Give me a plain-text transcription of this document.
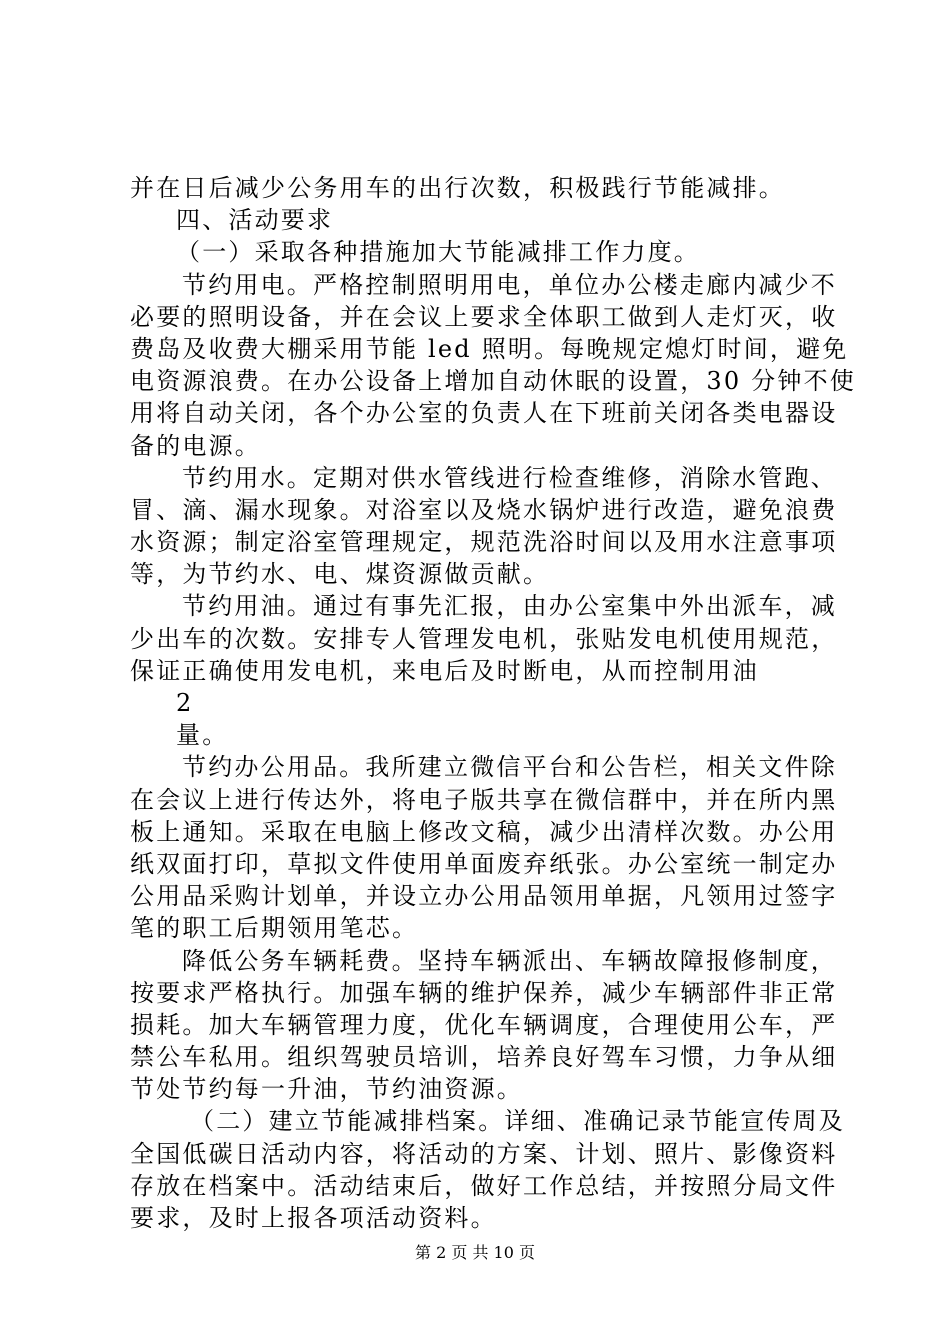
并在日后减少公务用车的出行次数，积极践行节能减排。
四、活动要求
（一）采取各种措施加大节能减排工作力度。
节约用电。严格控制照明用电，单位办公楼走廊内减少不
必要的照明设备，并在会议上要求全体职工做到人走灯灭，收
费岛及收费大棚采用节能 led 照明。每晚规定熄灯时间，避免
电资源浪费。在办公设备上增加自动休眠的设置，30 分钟不使
用将自动关闭，各个办公室的负责人在下班前关闭各类电器设
备的电源。
节约用水。定期对供水管线进行检查维修，消除水管跑、
冒、滴、漏水现象。对浴室以及烧水锅炉进行改造，避免浪费
水资源；制定浴室管理规定，规范洗浴时间以及用水注意事项
等，为节约水、电、煤资源做贡献。
节约用油。通过有事先汇报，由办公室集中外出派车，减
少出车的次数。安排专人管理发电机，张贴发电机使用规范，
保证正确使用发电机，来电后及时断电，从而控制用油
2
量。
节约办公用品。我所建立微信平台和公告栏，相关文件除
在会议上进行传达外，将电子版共享在微信群中，并在所内黑
板上通知。采取在电脑上修改文稿，减少出清样次数。办公用
纸双面打印，草拟文件使用单面废弃纸张。办公室统一制定办
公用品采购计划单，并设立办公用品领用单据，凡领用过签字
笔的职工后期领用笔芯。
降低公务车辆耗费。坚持车辆派出、车辆故障报修制度，
按要求严格执行。加强车辆的维护保养，减少车辆部件非正常
损耗。加大车辆管理力度，优化车辆调度，合理使用公车，严
禁公车私用。组织驾驶员培训，培养良好驾车习惯，力争从细
节处节约每一升油，节约油资源。
（二）建立节能减排档案。详细、准确记录节能宣传周及
全国低碳日活动内容，将活动的方案、计划、照片、影像资料
存放在档案中。活动结束后，做好工作总结，并按照分局文件
要求，及时上报各项活动资料。
第 2 页 共 10 页
